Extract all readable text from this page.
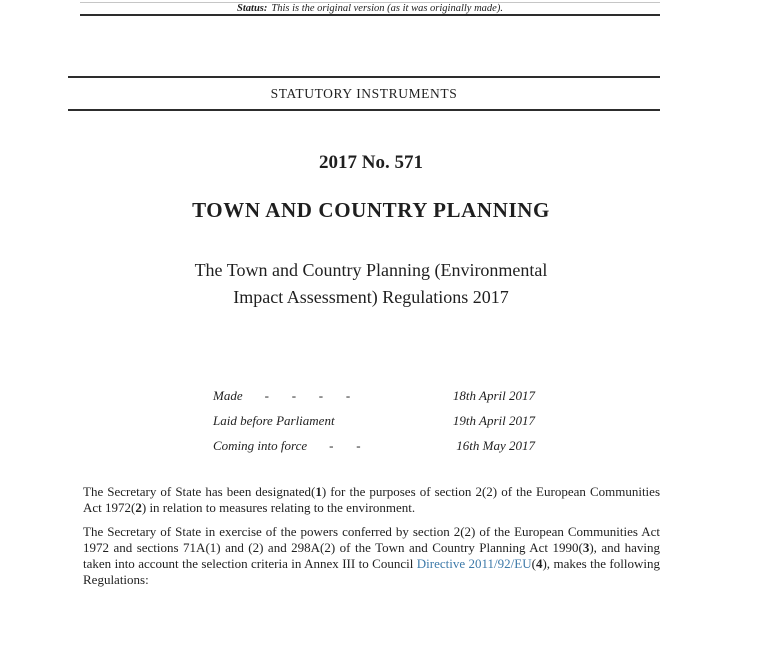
Status: This is the original version (as it was originally made).
STATUTORY INSTRUMENTS
2017 No. 571
TOWN AND COUNTRY PLANNING
The Town and Country Planning (Environmental
Impact Assessment) Regulations 2017
Made -       -       -       -	18th April 2017
Laid before Parliament	19th April 2017
Coming into force -       -	16th May 2017

The Secretary of State has been designated(1) for the purposes of section 2(2) of the European Communities Act 1972(2) in relation to measures relating to the environment.

The Secretary of State in exercise of the powers conferred by section 2(2) of the European Communities Act 1972 and sections 71A(1) and (2) and 298A(2) of the Town and Country Planning Act 1990(3), and having taken into account the selection criteria in Annex III to Council Directive 2011/92/EU(4), makes the following Regulations:
